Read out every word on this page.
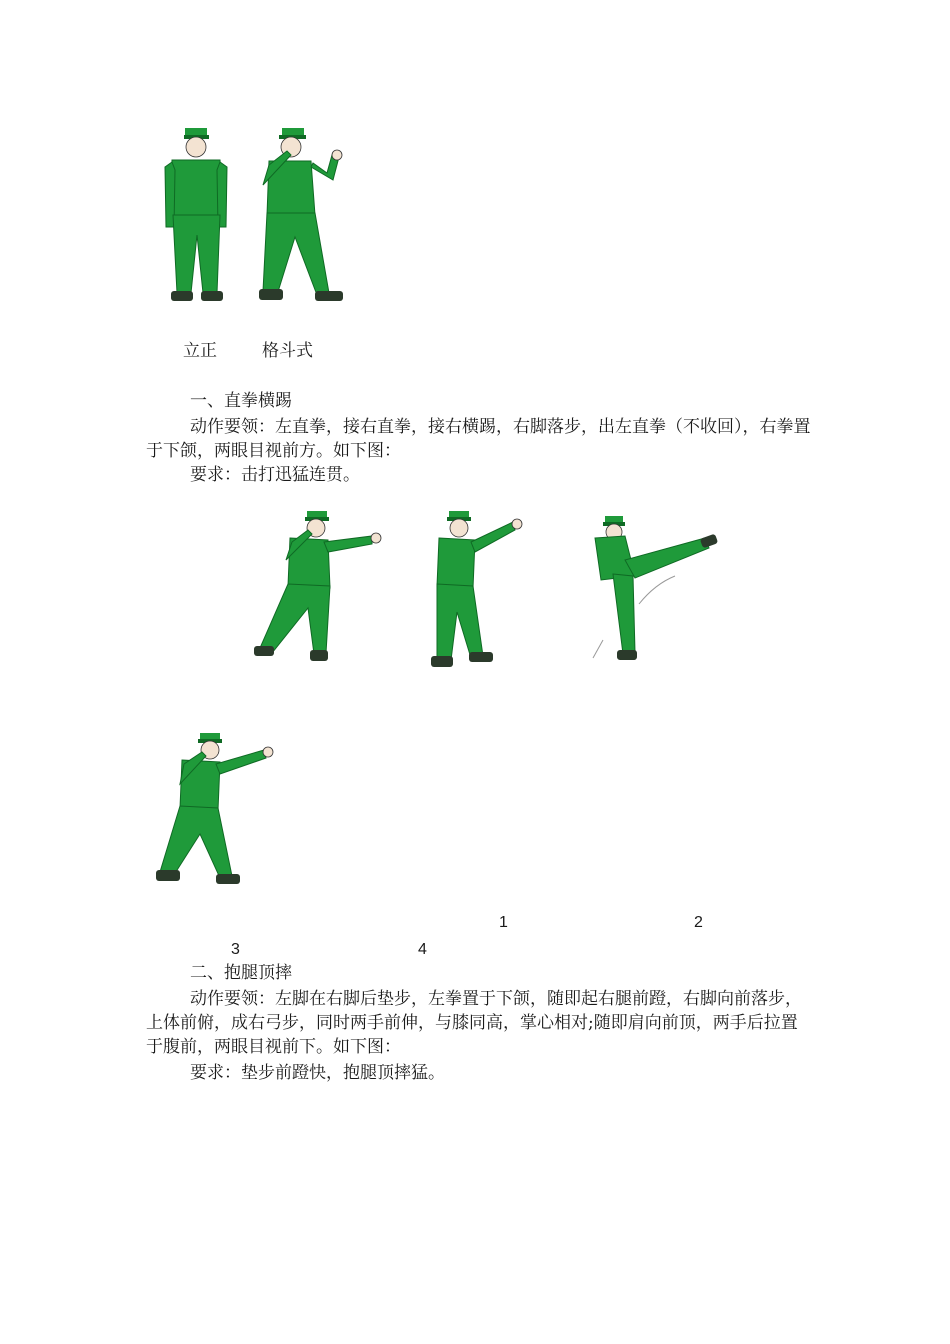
立正	格斗式

一、直拳横踢

动作要领：左直拳，接右直拳，接右横踢，右脚落步，出左直拳（不收回），右拳置于下颌，两眼目视前方。如下图：

要求：击打迅猛连贯。

1	2
3	4

二、抱腿顶摔

动作要领：左脚在右脚后垫步，左拳置于下颌，随即起右腿前蹬，右脚向前落步，上体前俯，成右弓步，同时两手前伸，与膝同高，掌心相对;随即肩向前顶，两手后拉置于腹前，两眼目视前下。如下图：

要求：垫步前蹬快，抱腿顶摔猛。
